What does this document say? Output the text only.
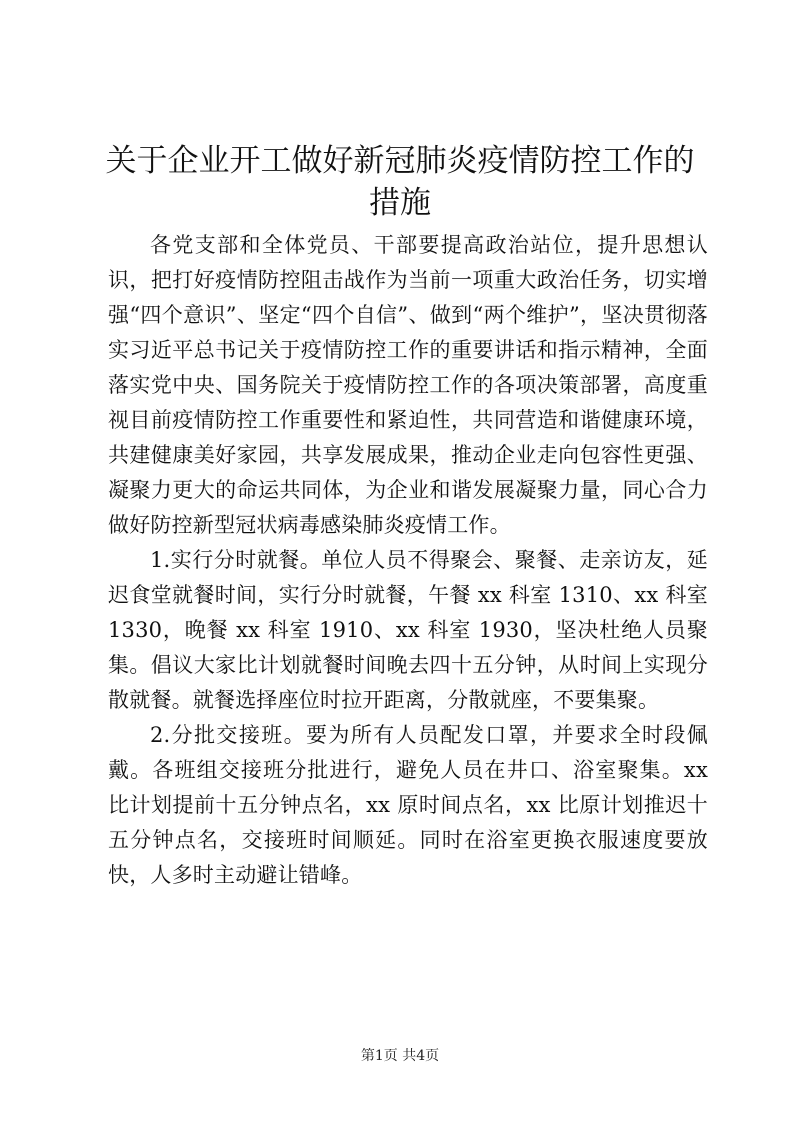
关于企业开工做好新冠肺炎疫情防控工作的措施

各党支部和全体党员、干部要提高政治站位，提升思想认识，把打好疫情防控阻击战作为当前一项重大政治任务，切实增强“四个意识”、坚定“四个自信”、做到“两个维护”，坚决贯彻落实习近平总书记关于疫情防控工作的重要讲话和指示精神，全面落实党中央、国务院关于疫情防控工作的各项决策部署，高度重视目前疫情防控工作重要性和紧迫性，共同营造和谐健康环境，共建健康美好家园，共享发展成果，推动企业走向包容性更强、凝聚力更大的命运共同体，为企业和谐发展凝聚力量，同心合力做好防控新型冠状病毒感染肺炎疫情工作。

1.实行分时就餐。单位人员不得聚会、聚餐、走亲访友，延迟食堂就餐时间，实行分时就餐，午餐 xx 科室 1310、xx 科室1330，晚餐 xx 科室 1910、xx 科室 1930，坚决杜绝人员聚集。倡议大家比计划就餐时间晚去四十五分钟，从时间上实现分散就餐。就餐选择座位时拉开距离，分散就座，不要集聚。

2.分批交接班。要为所有人员配发口罩，并要求全时段佩戴。各班组交接班分批进行，避免人员在井口、浴室聚集。xx 比计划提前十五分钟点名，xx 原时间点名，xx 比原计划推迟十五分钟点名，交接班时间顺延。同时在浴室更换衣服速度要放快，人多时主动避让错峰。

第1页 共4页
